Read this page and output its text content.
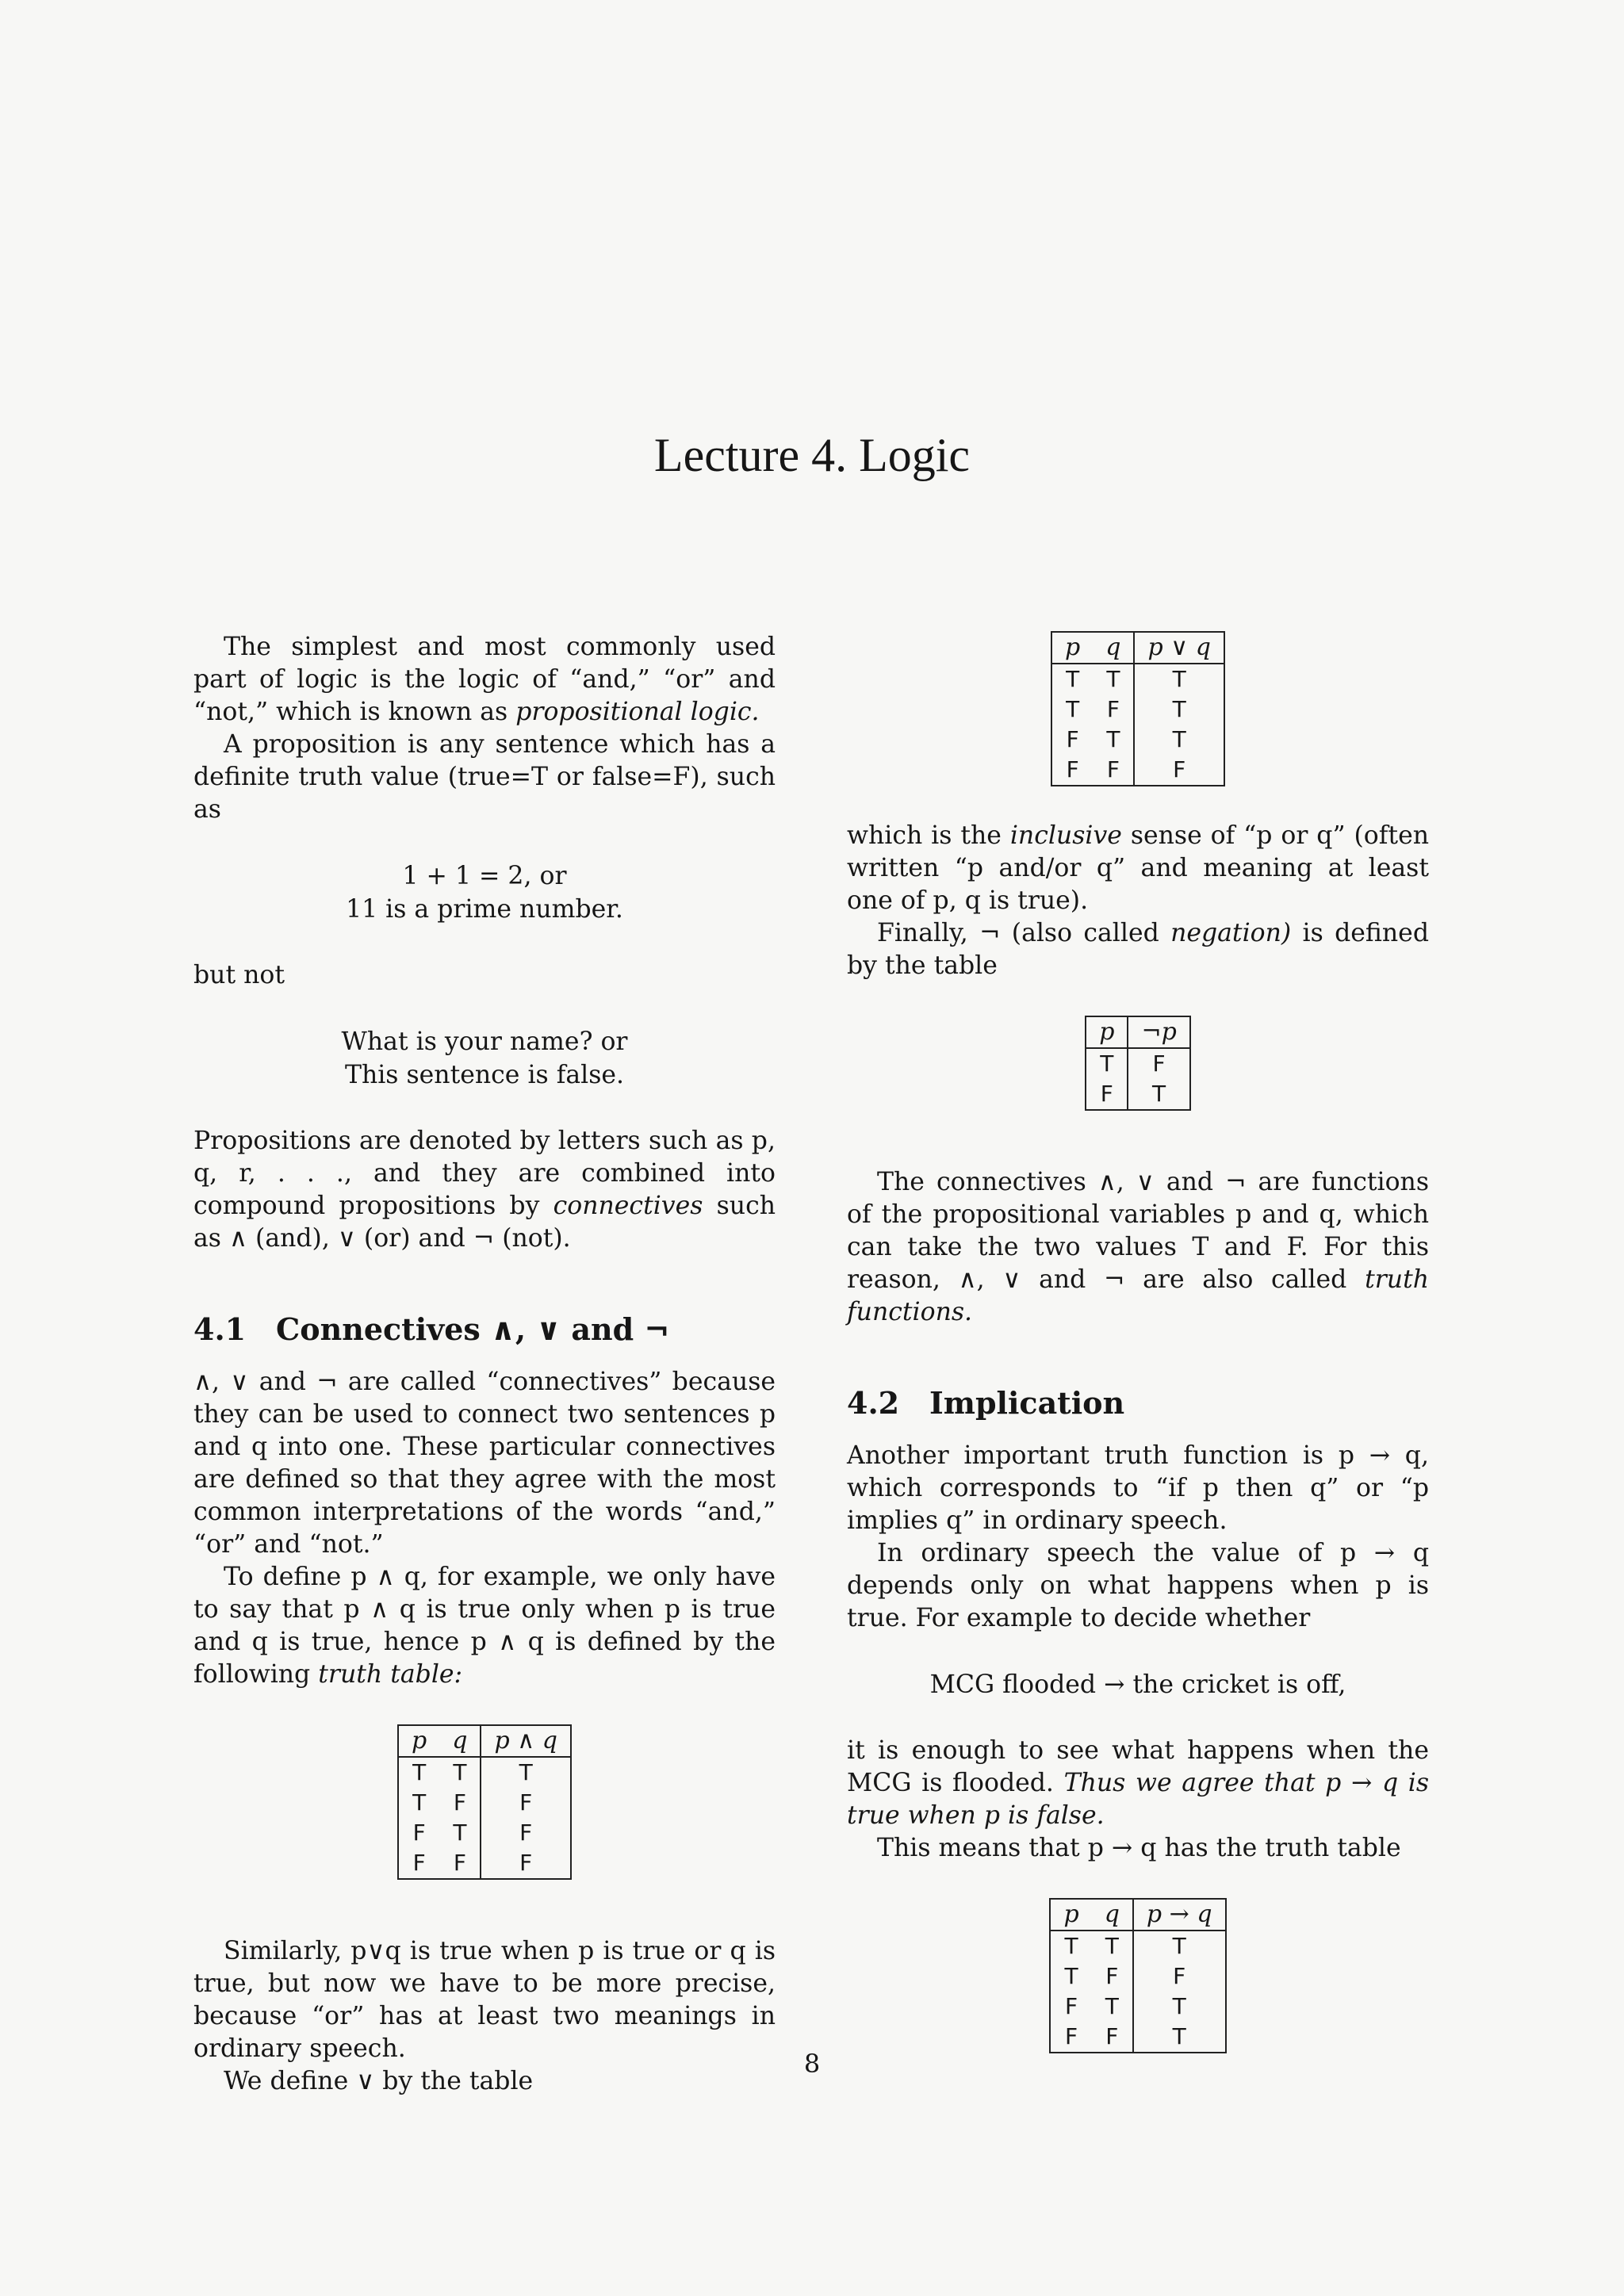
Lecture 4. Logic

The simplest and most commonly used part of logic is the logic of “and,” “or” and “not,” which is known as propositional logic.

A proposition is any sentence which has a definite truth value (true=T or false=F), such as

1 + 1 = 2, or
11 is a prime number.

but not

What is your name? or
This sentence is false.

Propositions are denoted by letters such as p, q, r, . . ., and they are combined into compound propositions by connectives such as ∧ (and), ∨ (or) and ¬ (not).

4.1 Connectives ∧, ∨ and ¬

∧, ∨ and ¬ are called “connectives” because they can be used to connect two sentences p and q into one. These particular connectives are defined so that they agree with the most common interpretations of the words “and,” “or” and “not.”

To define p ∧ q, for example, we only have to say that p ∧ q is true only when p is true and q is true, hence p ∧ q is defined by the following truth table:

p	q	p ∧ q
T	T	T
T	F	F
F	T	F
F	F	F

Similarly, p∨q is true when p is true or q is true, but now we have to be more precise, because “or” has at least two meanings in ordinary speech.

We define ∨ by the table

p	q	p ∨ q
T	T	T
T	F	T
F	T	T
F	F	F

which is the inclusive sense of “p or q” (often written “p and/or q” and meaning at least one of p, q is true).

Finally, ¬ (also called negation) is defined by the table

p	¬p
T	F
F	T

The connectives ∧, ∨ and ¬ are functions of the propositional variables p and q, which can take the two values T and F. For this reason, ∧, ∨ and ¬ are also called truth functions.

4.2 Implication

Another important truth function is p → q, which corresponds to “if p then q” or “p implies q” in ordinary speech.

In ordinary speech the value of p → q depends only on what happens when p is true. For example to decide whether

MCG flooded → the cricket is off,

it is enough to see what happens when the MCG is flooded. Thus we agree that p → q is true when p is false.

This means that p → q has the truth table

p	q	p → q
T	T	T
T	F	F
F	T	T
F	F	T
8
